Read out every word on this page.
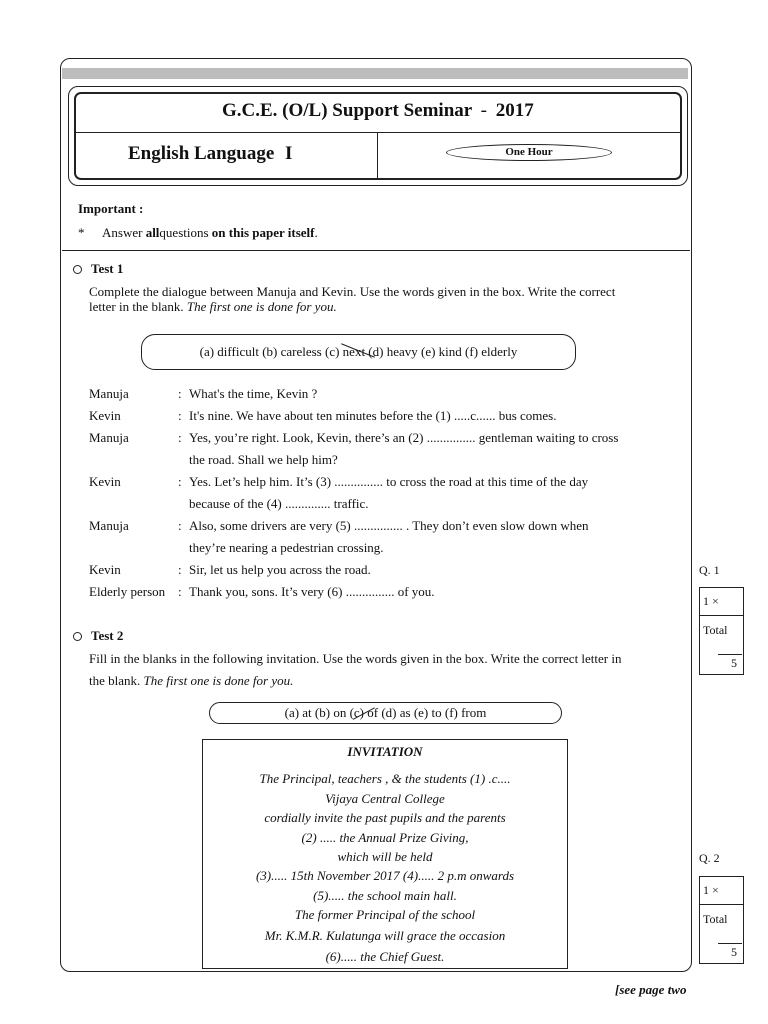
G.C.E. (O/L) Support Seminar - 2017
English Language I	One Hour
Important :
* Answer allquestions on this paper itself.
Test 1
Complete the dialogue between Manuja and Kevin. Use the words given in the box. Write the correct
letter in the blank. The first one is done for you.
(a) difficult (b) careless (c) next (d) heavy (e) kind (f) elderly
Manuja	: What's the time, Kevin ?
Kevin	: It's nine. We have about ten minutes before the (1) .....c...... bus comes.
Manuja	: Yes, you’re right. Look, Kevin, there’s an (2) ............... gentleman waiting to cross
the road. Shall we help him?
Kevin	: Yes. Let’s help him. It’s (3) ............... to cross the road at this time of the day
because of the (4) .............. traffic.
Manuja	: Also, some drivers are very (5) ............... . They don’t even slow down when
they’re nearing a pedestrian crossing.
Kevin	: Sir, let us help you across the road.
Elderly person : Thank you, sons. It’s very (6) ............... of you.
Test 2
Fill in the blanks in the following invitation. Use the words given in the box. Write the correct letter in
the blank. The first one is done for you.
(a) at (b) on (c) of (d) as (e) to (f) from
INVITATION
The Principal, teachers , & the students (1) .c....
Vijaya Central College
cordially invite the past pupils and the parents
(2) ..... the Annual Prize Giving,
which will be held
(3)..... 15th November 2017 (4)..... 2 p.m onwards
(5)..... the school main hall.
The former Principal of the school
Mr. K.M.R. Kulatunga will grace the occasion
(6)..... the Chief Guest.
Q. 1
1 ×
Total
5
Q. 2
1 ×
Total
5
[see page two
